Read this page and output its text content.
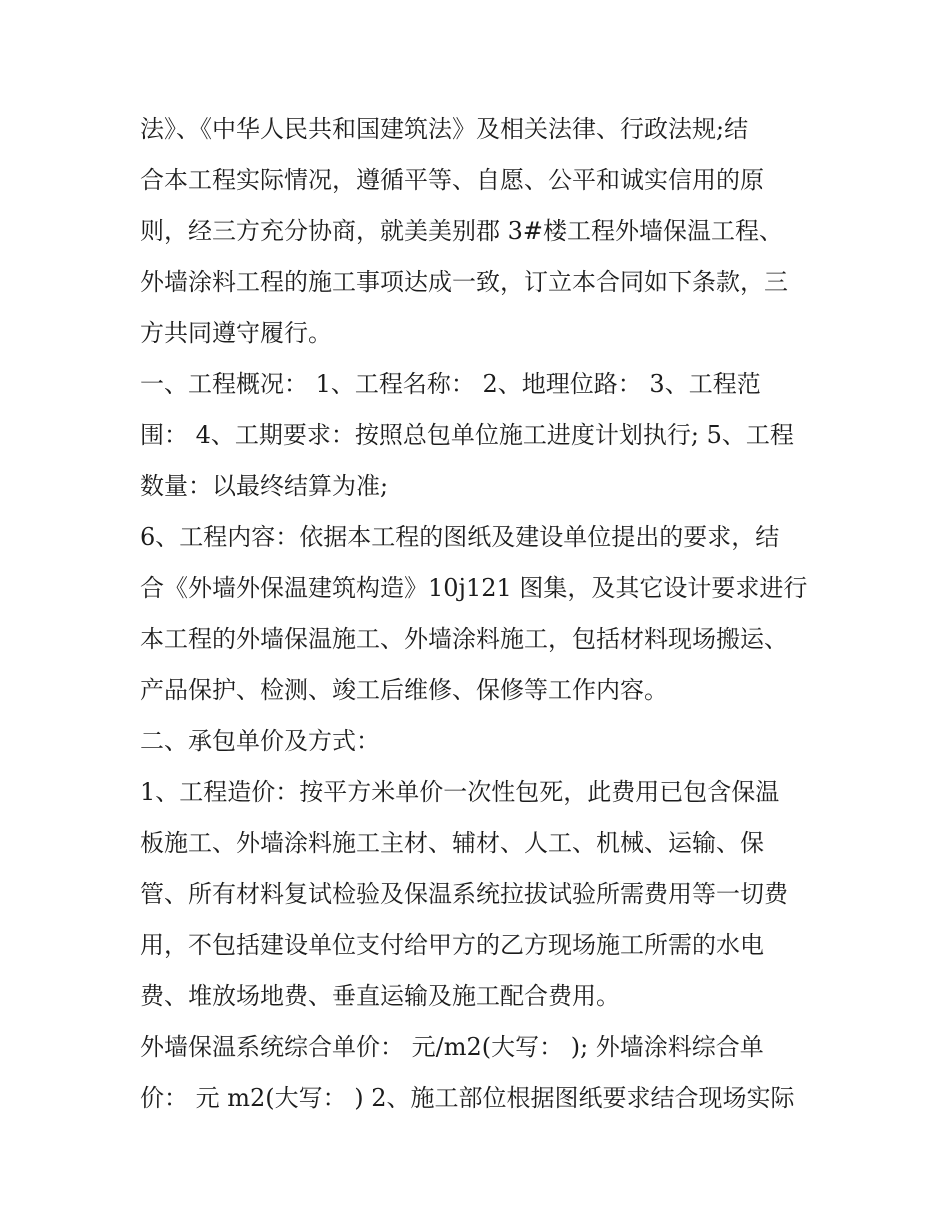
法》、《中华人民共和国建筑法》及相关法律、行政法规;结
合本工程实际情况，遵循平等、自愿、公平和诚实信用的原
则，经三方充分协商，就美美别郡 3#楼工程外墙保温工程、
外墙涂料工程的施工事项达成一致，订立本合同如下条款，三
方共同遵守履行。
一、工程概况： 1、工程名称： 2、地理位路： 3、工程范
围： 4、工期要求：按照总包单位施工进度计划执行; 5、工程
数量：以最终结算为准;
6、工程内容：依据本工程的图纸及建设单位提出的要求，结
合《外墙外保温建筑构造》10j121 图集，及其它设计要求进行
本工程的外墙保温施工、外墙涂料施工，包括材料现场搬运、
产品保护、检测、竣工后维修、保修等工作内容。
二、承包单价及方式：
1、工程造价：按平方米单价一次性包死，此费用已包含保温
板施工、外墙涂料施工主材、辅材、人工、机械、运输、保
管、所有材料复试检验及保温系统拉拔试验所需费用等一切费
用，不包括建设单位支付给甲方的乙方现场施工所需的水电
费、堆放场地费、垂直运输及施工配合费用。
外墙保温系统综合单价： 元/m2(大写： ); 外墙涂料综合单
价： 元 m2(大写： ) 2、施工部位根据图纸要求结合现场实际
